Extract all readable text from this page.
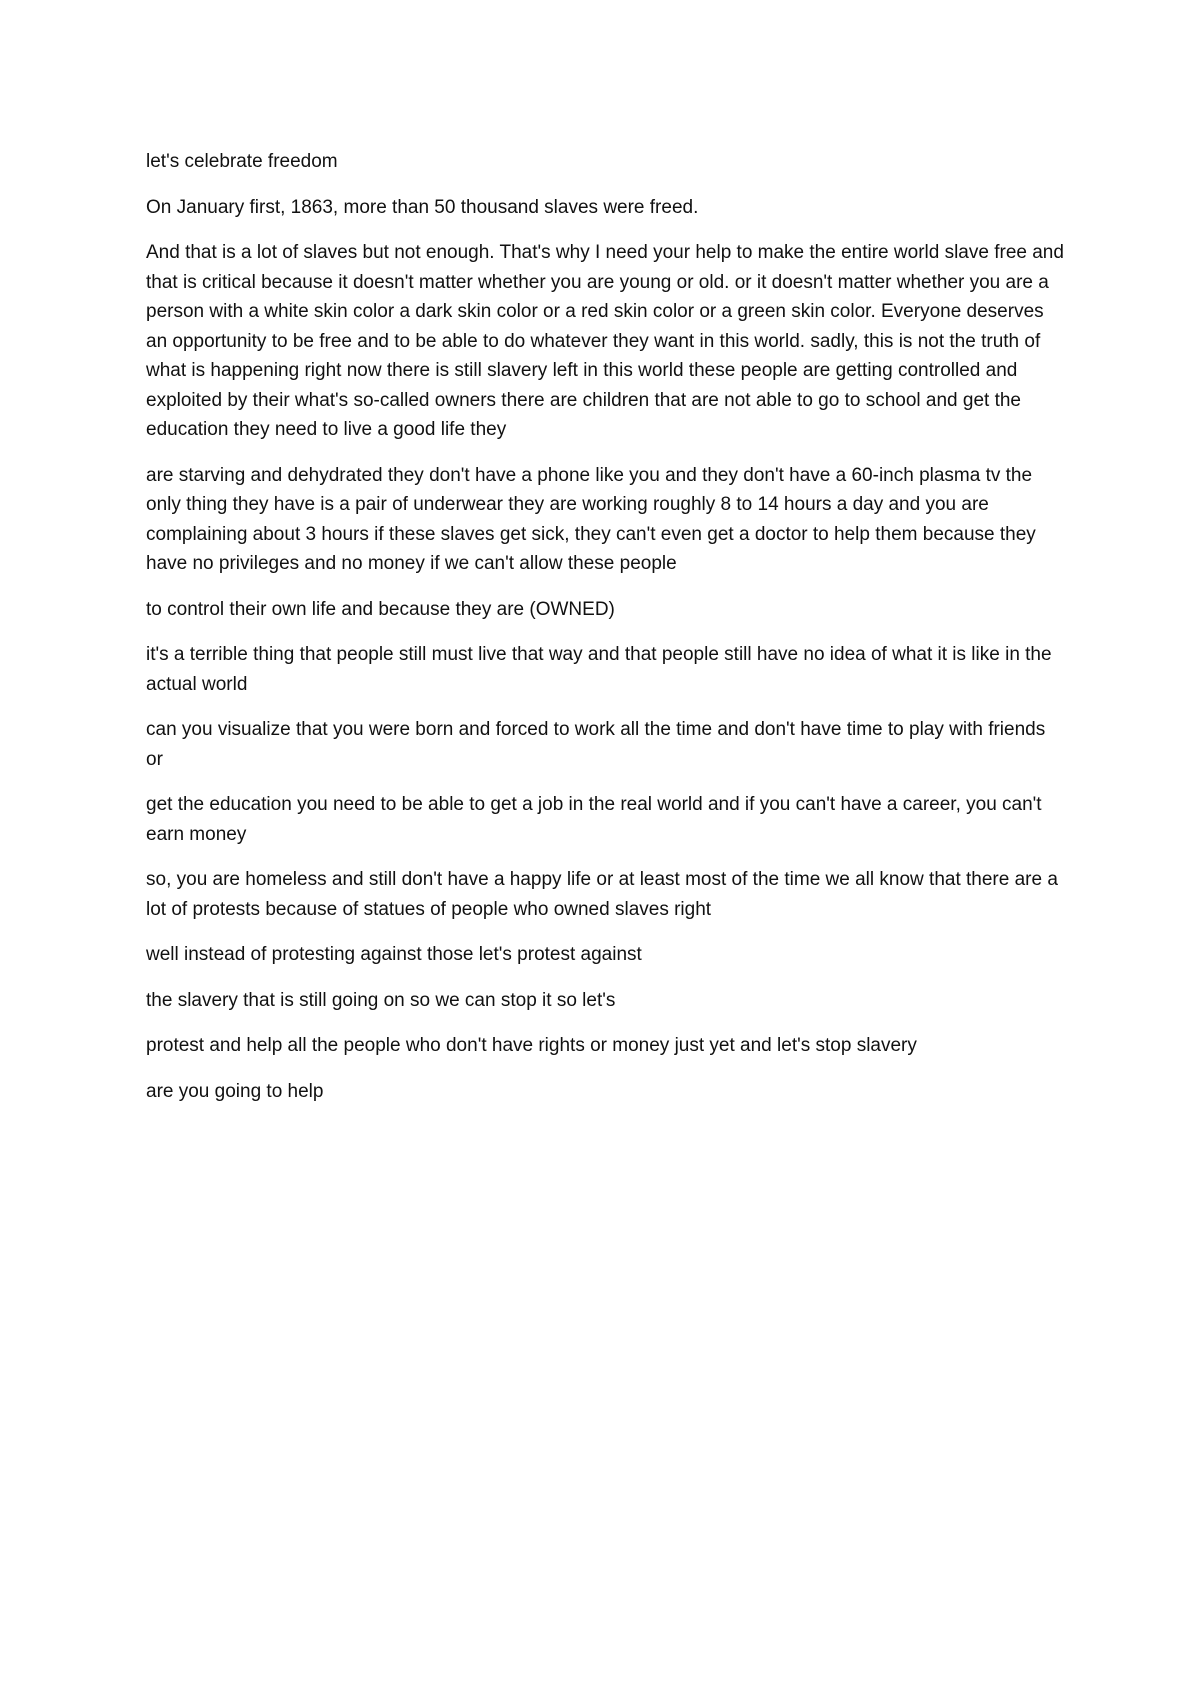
let's celebrate freedom

On January first, 1863, more than 50 thousand slaves were freed.

And that is a lot of slaves but not enough. That's why I need your help to make the entire world slave free and that is critical because it doesn't matter whether you are young or old. or it doesn't matter whether you are a person with a white skin color a dark skin color or a red skin color or a green skin color. Everyone deserves an opportunity to be free and to be able to do whatever they want in this world. sadly, this is not the truth of what is happening right now there is still slavery left in this world these people are getting controlled and exploited by their what's so-called owners there are children that are not able to go to school and get the education they need to live a good life they

are starving and dehydrated they don't have a phone like you and they don't have a 60-inch plasma tv the only thing they have is a pair of underwear they are working roughly 8 to 14 hours a day and you are complaining about 3 hours if these slaves get sick, they can't even get a doctor to help them because they have no privileges and no money if we can't allow these people

to control their own life and because they are (OWNED)

it's a terrible thing that people still must live that way and that people still have no idea of what it is like in the actual world

can you visualize that you were born and forced to work all the time and don't have time to play with friends or

get the education you need to be able to get a job in the real world and if you can't have a career, you can't earn money

so, you are homeless and still don't have a happy life or at least most of the time we all know that there are a lot of protests because of statues of people who owned slaves right

well instead of protesting against those let's protest against

the slavery that is still going on so we can stop it so let's

protest and help all the people who don't have rights or money just yet and let's stop slavery

are you going to help
